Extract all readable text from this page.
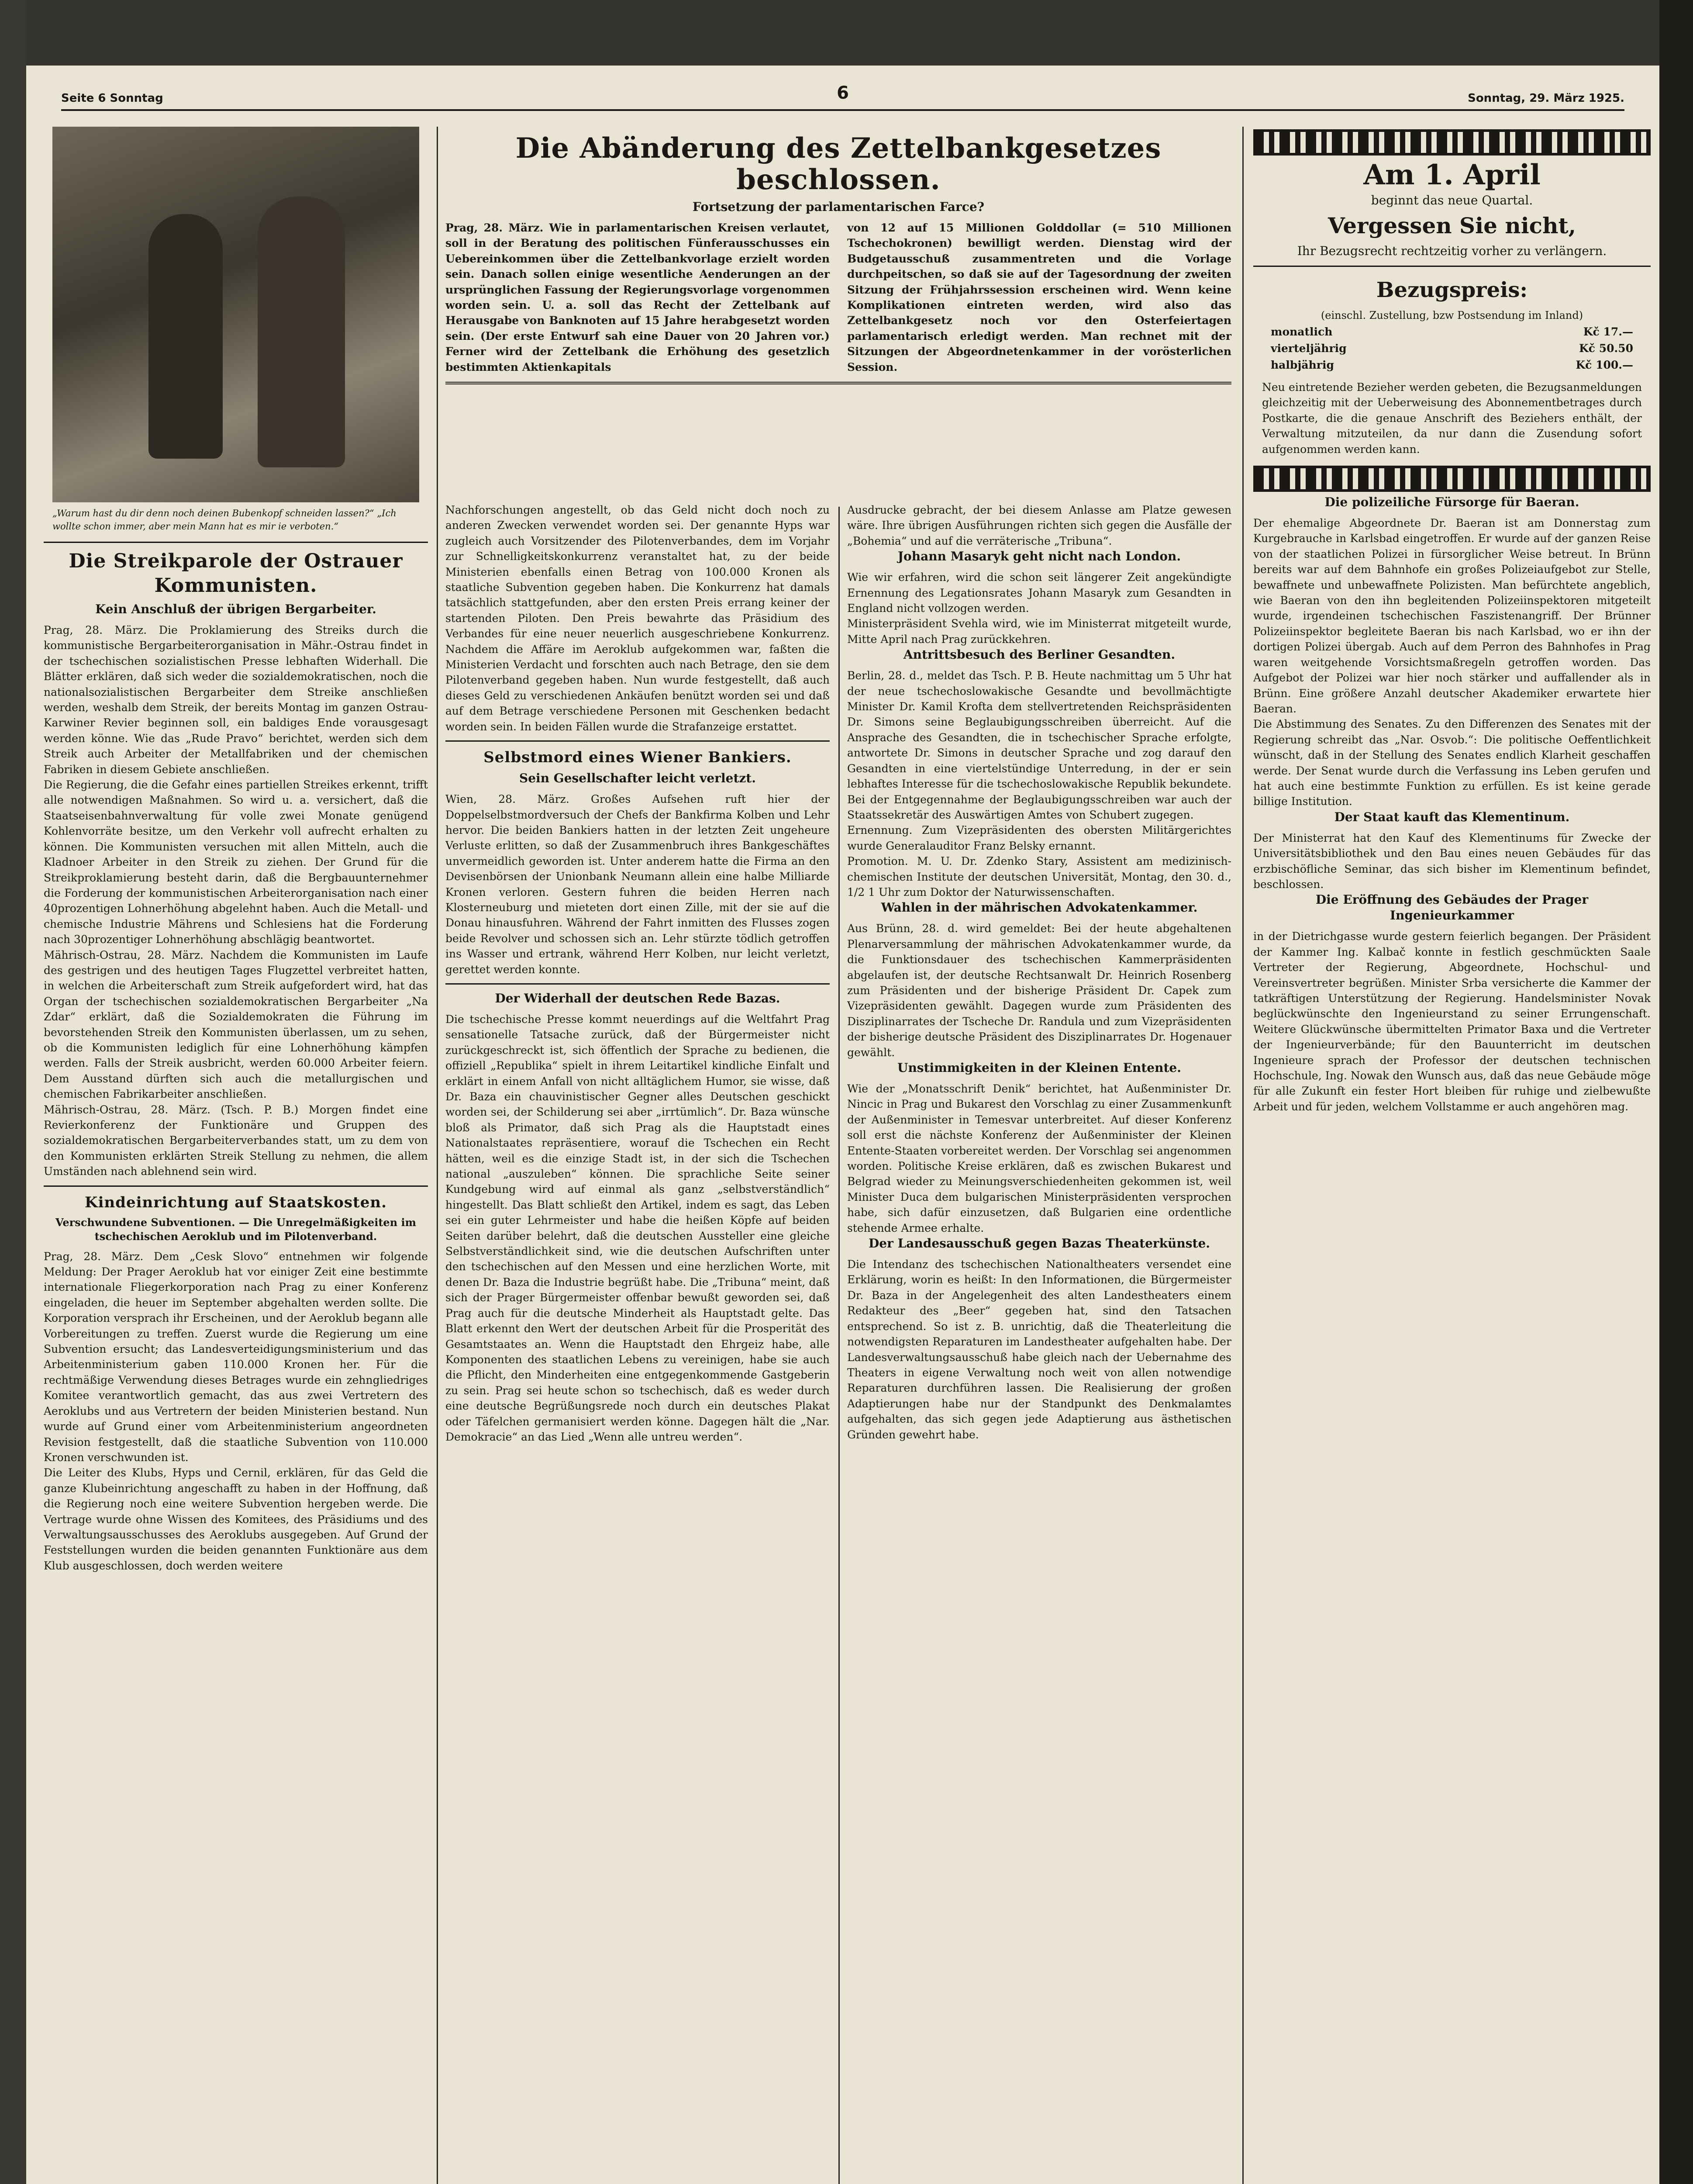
Seite 6 Sonntag	6	Sonntag, 29. März 1925.

„Warum hast du dir denn noch deinen Bubenkopf schneiden lassen?“ „Ich wollte schon immer, aber mein Mann hat es mir ie verboten.“

Die Streikparole der Ostrauer Kommunisten.
Kein Anschluß der übrigen Bergarbeiter.

Prag, 28. März. Die Proklamierung des Streiks durch die kommunistische Bergarbeiterorganisation in Mähr.-Ostrau findet in der tschechischen sozialistischen Presse lebhaften Widerhall. Die Blätter erklären, daß sich weder die sozialdemokratischen, noch die nationalsozialistischen Bergarbeiter dem Streike anschließen werden, weshalb dem Streik, der bereits Montag im ganzen Ostrau-Karwiner Revier beginnen soll, ein baldiges Ende vorausgesagt werden könne. Wie das „Rude Pravo“ berichtet, werden sich dem Streik auch Arbeiter der Metallfabriken und der chemischen Fabriken in diesem Gebiete anschließen.

Die Regierung, die die Gefahr eines partiellen Streikes erkennt, trifft alle notwendigen Maßnahmen. So wird u. a. versichert, daß die Staatseisenbahnverwaltung für volle zwei Monate genügend Kohlenvorräte besitze, um den Verkehr voll aufrecht erhalten zu können. Die Kommunisten versuchen mit allen Mitteln, auch die Kladnoer Arbeiter in den Streik zu ziehen. Der Grund für die Streikproklamierung besteht darin, daß die Bergbauunternehmer die Forderung der kommunistischen Arbeiterorganisation nach einer 40prozentigen Lohnerhöhung abgelehnt haben. Auch die Metall- und chemische Industrie Mährens und Schlesiens hat die Forderung nach 30prozentiger Lohnerhöhung abschlägig beantwortet.

Mährisch-Ostrau, 28. März. Nachdem die Kommunisten im Laufe des gestrigen und des heutigen Tages Flugzettel verbreitet hatten, in welchen die Arbeiterschaft zum Streik aufgefordert wird, hat das Organ der tschechischen sozialdemokratischen Bergarbeiter „Na Zdar“ erklärt, daß die Sozialdemokraten die Führung im bevorstehenden Streik den Kommunisten überlassen, um zu sehen, ob die Kommunisten lediglich für eine Lohnerhöhung kämpfen werden. Falls der Streik ausbricht, werden 60.000 Arbeiter feiern. Dem Ausstand dürften sich auch die metallurgischen und chemischen Fabrikarbeiter anschließen.

Mährisch-Ostrau, 28. März. (Tsch. P. B.) Morgen findet eine Revierkonferenz der Funktionäre und Gruppen des sozialdemokratischen Bergarbeiterverbandes statt, um zu dem von den Kommunisten erklärten Streik Stellung zu nehmen, die allem Umständen nach ablehnend sein wird.

Kindeinrichtung auf Staatskosten.
Verschwundene Subventionen. — Die Unregelmäßigkeiten im tschechischen Aeroklub und im Pilotenverband.

Prag, 28. März. Dem „Cesk Slovo“ entnehmen wir folgende Meldung: Der Prager Aeroklub hat vor einiger Zeit eine bestimmte internationale Fliegerkorporation nach Prag zu einer Konferenz eingeladen, die heuer im September abgehalten werden sollte. Die Korporation versprach ihr Erscheinen, und der Aeroklub begann alle Vorbereitungen zu treffen. Zuerst wurde die Regierung um eine Subvention ersucht; das Landesverteidigungsministerium und das Arbeitenministerium gaben 110.000 Kronen her. Für die rechtmäßige Verwendung dieses Betrages wurde ein zehngliedriges Komitee verantwortlich gemacht, das aus zwei Vertretern des Aeroklubs und aus Vertretern der beiden Ministerien bestand. Nun wurde auf Grund einer vom Arbeitenministerium angeordneten Revision festgestellt, daß die staatliche Subvention von 110.000 Kronen verschwunden ist.

Die Leiter des Klubs, Hyps und Cernil, erklären, für das Geld die ganze Klubeinrichtung angeschafft zu haben in der Hoffnung, daß die Regierung noch eine weitere Subvention hergeben werde. Die Vertrage wurde ohne Wissen des Komitees, des Präsidiums und des Verwaltungsausschusses des Aeroklubs ausgegeben. Auf Grund der Feststellungen wurden die beiden genannten Funktionäre aus dem Klub ausgeschlossen, doch werden weitere

Die Abänderung des Zettelbankgesetzes beschlossen.
Fortsetzung der parlamentarischen Farce?

Prag, 28. März. Wie in parlamentarischen Kreisen verlautet, soll in der Beratung des politischen Fünferausschusses ein Uebereinkommen über die Zettelbankvorlage erzielt worden sein. Danach sollen einige wesentliche Aenderungen an der ursprünglichen Fassung der Regierungsvorlage vorgenommen worden sein. U. a. soll das Recht der Zettelbank auf Herausgabe von Banknoten auf 15 Jahre herabgesetzt worden sein. (Der erste Entwurf sah eine Dauer von 20 Jahren vor.) Ferner wird der Zettelbank die Erhöhung des gesetzlich bestimmten Aktienkapitals

von 12 auf 15 Millionen Golddollar (= 510 Millionen Tschechokronen) bewilligt werden. Dienstag wird der Budgetausschuß zusammentreten und die Vorlage durchpeitschen, so daß sie auf der Tagesordnung der zweiten Sitzung der Frühjahrssession erscheinen wird. Wenn keine Komplikationen eintreten werden, wird also das Zettelbankgesetz noch vor den Osterfeiertagen parlamentarisch erledigt werden. Man rechnet mit der Sitzungen der Abgeordnetenkammer in der vorösterlichen Session.

Nachforschungen angestellt, ob das Geld nicht doch noch zu anderen Zwecken verwendet worden sei. Der genannte Hyps war zugleich auch Vorsitzender des Pilotenverbandes, dem im Vorjahr zur Schnelligkeitskonkurrenz veranstaltet hat, zu der beide Ministerien ebenfalls einen Betrag von 100.000 Kronen als staatliche Subvention gegeben haben. Die Konkurrenz hat damals tatsächlich stattgefunden, aber den ersten Preis errang keiner der startenden Piloten. Den Preis bewahrte das Präsidium des Verbandes für eine neuer neuerlich ausgeschriebene Konkurrenz. Nachdem die Affäre im Aeroklub aufgekommen war, faßten die Ministerien Verdacht und forschten auch nach Betrage, den sie dem Pilotenverband gegeben haben. Nun wurde festgestellt, daß auch dieses Geld zu verschiedenen Ankäufen benützt worden sei und daß auf dem Betrage verschiedene Personen mit Geschenken bedacht worden sein. In beiden Fällen wurde die Strafanzeige erstattet.

Selbstmord eines Wiener Bankiers.
Sein Gesellschafter leicht verletzt.

Wien, 28. März. Großes Aufsehen ruft hier der Doppelselbstmordversuch der Chefs der Bankfirma Kolben und Lehr hervor. Die beiden Bankiers hatten in der letzten Zeit ungeheure Verluste erlitten, so daß der Zusammenbruch ihres Bankgeschäftes unvermeidlich geworden ist. Unter anderem hatte die Firma an den Devisenbörsen der Unionbank Neumann allein eine halbe Milliarde Kronen verloren. Gestern fuhren die beiden Herren nach Klosterneuburg und mieteten dort einen Zille, mit der sie auf die Donau hinausfuhren. Während der Fahrt inmitten des Flusses zogen beide Revolver und schossen sich an. Lehr stürzte tödlich getroffen ins Wasser und ertrank, während Herr Kolben, nur leicht verletzt, gerettet werden konnte.

Der Widerhall der deutschen Rede Bazas.

Die tschechische Presse kommt neuerdings auf die Weltfahrt Prag sensationelle Tatsache zurück, daß der Bürgermeister nicht zurückgeschreckt ist, sich öffentlich der Sprache zu bedienen, die offiziell „Republika“ spielt in ihrem Leitartikel kindliche Einfalt und erklärt in einem Anfall von nicht alltäglichem Humor, sie wisse, daß Dr. Baza ein chauvinistischer Gegner alles Deutschen geschickt worden sei, der Schilderung sei aber „irrtümlich“. Dr. Baza wünsche bloß als Primator, daß sich Prag als die Hauptstadt eines Nationalstaates repräsentiere, worauf die Tschechen ein Recht hätten, weil es die einzige Stadt ist, in der sich die Tschechen national „auszuleben“ können. Die sprachliche Seite seiner Kundgebung wird auf einmal als ganz „selbstverständlich“ hingestellt. Das Blatt schließt den Artikel, indem es sagt, das Leben sei ein guter Lehrmeister und habe die heißen Köpfe auf beiden Seiten darüber belehrt, daß die deutschen Aussteller eine gleiche Selbstverständlichkeit sind, wie die deutschen Aufschriften unter den tschechischen auf den Messen und eine herzlichen Worte, mit denen Dr. Baza die Industrie begrüßt habe. Die „Tribuna“ meint, daß sich der Prager Bürgermeister offenbar bewußt geworden sei, daß Prag auch für die deutsche Minderheit als Hauptstadt gelte. Das Blatt erkennt den Wert der deutschen Arbeit für die Prosperität des Gesamtstaates an. Wenn die Hauptstadt den Ehrgeiz habe, alle Komponenten des staatlichen Lebens zu vereinigen, habe sie auch die Pflicht, den Minderheiten eine entgegenkommende Gastgeberin zu sein. Prag sei heute schon so tschechisch, daß es weder durch eine deutsche Begrüßungsrede noch durch ein deutsches Plakat oder Täfelchen germanisiert werden könne. Dagegen hält die „Nar. Demokracie“ an das Lied „Wenn alle untreu werden“.

Ausdrucke gebracht, der bei diesem Anlasse am Platze gewesen wäre. Ihre übrigen Ausführungen richten sich gegen die Ausfälle der „Bohemia“ und auf die verräterische „Tribuna“.

Johann Masaryk geht nicht nach London.

Wie wir erfahren, wird die schon seit längerer Zeit angekündigte Ernennung des Legationsrates Johann Masaryk zum Gesandten in England nicht vollzogen werden.

Ministerpräsident Svehla wird, wie im Ministerrat mitgeteilt wurde, Mitte April nach Prag zurückkehren.

Antrittsbesuch des Berliner Gesandten.

Berlin, 28. d., meldet das Tsch. P. B. Heute nachmittag um 5 Uhr hat der neue tschechoslowakische Gesandte und bevollmächtigte Minister Dr. Kamil Krofta dem stellvertretenden Reichspräsidenten Dr. Simons seine Beglaubigungsschreiben überreicht. Auf die Ansprache des Gesandten, die in tschechischer Sprache erfolgte, antwortete Dr. Simons in deutscher Sprache und zog darauf den Gesandten in eine viertelstündige Unterredung, in der er sein lebhaftes Interesse für die tschechoslowakische Republik bekundete. Bei der Entgegennahme der Beglaubigungsschreiben war auch der Staatssekretär des Auswärtigen Amtes von Schubert zugegen.

Ernennung. Zum Vizepräsidenten des obersten Militärgerichtes wurde Generalauditor Franz Belsky ernannt.

Promotion. M. U. Dr. Zdenko Stary, Assistent am medizinisch-chemischen Institute der deutschen Universität, Montag, den 30. d., 1/2 1 Uhr zum Doktor der Naturwissenschaften.

Wahlen in der mährischen Advokatenkammer.

Aus Brünn, 28. d. wird gemeldet: Bei der heute abgehaltenen Plenarversammlung der mährischen Advokatenkammer wurde, da die Funktionsdauer des tschechischen Kammerpräsidenten abgelaufen ist, der deutsche Rechtsanwalt Dr. Heinrich Rosenberg zum Präsidenten und der bisherige Präsident Dr. Capek zum Vizepräsidenten gewählt. Dagegen wurde zum Präsidenten des Disziplinarrates der Tscheche Dr. Randula und zum Vizepräsidenten der bisherige deutsche Präsident des Disziplinarrates Dr. Hogenauer gewählt.

Unstimmigkeiten in der Kleinen Entente.

Wie der „Monatsschrift Denik“ berichtet, hat Außenminister Dr. Nincic in Prag und Bukarest den Vorschlag zu einer Zusammenkunft der Außenminister in Temesvar unterbreitet. Auf dieser Konferenz soll erst die nächste Konferenz der Außenminister der Kleinen Entente-Staaten vorbereitet werden. Der Vorschlag sei angenommen worden. Politische Kreise erklären, daß es zwischen Bukarest und Belgrad wieder zu Meinungsverschiedenheiten gekommen ist, weil Minister Duca dem bulgarischen Ministerpräsidenten versprochen habe, sich dafür einzusetzen, daß Bulgarien eine ordentliche stehende Armee erhalte.

Der Landesausschuß gegen Bazas Theaterkünste.

Die Intendanz des tschechischen Nationaltheaters versendet eine Erklärung, worin es heißt: In den Informationen, die Bürgermeister Dr. Baza in der Angelegenheit des alten Landestheaters einem Redakteur des „Beer“ gegeben hat, sind den Tatsachen entsprechend. So ist z. B. unrichtig, daß die Theaterleitung die notwendigsten Reparaturen im Landestheater aufgehalten habe. Der Landesverwaltungsausschuß habe gleich nach der Uebernahme des Theaters in eigene Verwaltung noch weit von allen notwendige Reparaturen durchführen lassen. Die Realisierung der großen Adaptierungen habe nur der Standpunkt des Denkmalamtes aufgehalten, das sich gegen jede Adaptierung aus ästhetischen Gründen gewehrt habe.

Am 1. April
beginnt das neue Quartal.
Vergessen Sie nicht,
Ihr Bezugsrecht rechtzeitig vorher zu verlängern.
Bezugspreis:
(einschl. Zustellung, bzw Postsendung im Inland)
monatlich	Kč 17.—
vierteljährig	Kč 50.50
halbjährig	Kč 100.—

Neu eintretende Bezieher werden gebeten, die Bezugsanmeldungen gleichzeitig mit der Ueberweisung des Abonnementbetrages durch Postkarte, die die genaue Anschrift des Beziehers enthält, der Verwaltung mitzuteilen, da nur dann die Zusendung sofort aufgenommen werden kann.

Die polizeiliche Fürsorge für Baeran.

Der ehemalige Abgeordnete Dr. Baeran ist am Donnerstag zum Kurgebrauche in Karlsbad eingetroffen. Er wurde auf der ganzen Reise von der staatlichen Polizei in fürsorglicher Weise betreut. In Brünn bereits war auf dem Bahnhofe ein großes Polizeiaufgebot zur Stelle, bewaffnete und unbewaffnete Polizisten. Man befürchtete angeblich, wie Baeran von den ihn begleitenden Polizeiinspektoren mitgeteilt wurde, irgendeinen tschechischen Faszistenangriff. Der Brünner Polizeiinspektor begleitete Baeran bis nach Karlsbad, wo er ihn der dortigen Polizei übergab. Auch auf dem Perron des Bahnhofes in Prag waren weitgehende Vorsichtsmaßregeln getroffen worden. Das Aufgebot der Polizei war hier noch stärker und auffallender als in Brünn. Eine größere Anzahl deutscher Akademiker erwartete hier Baeran.

Die Abstimmung des Senates. Zu den Differenzen des Senates mit der Regierung schreibt das „Nar. Osvob.“: Die politische Oeffentlichkeit wünscht, daß in der Stellung des Senates endlich Klarheit geschaffen werde. Der Senat wurde durch die Verfassung ins Leben gerufen und hat auch eine bestimmte Funktion zu erfüllen. Es ist keine gerade billige Institution.

Der Staat kauft das Klementinum.

Der Ministerrat hat den Kauf des Klementinums für Zwecke der Universitätsbibliothek und den Bau eines neuen Gebäudes für das erzbischöfliche Seminar, das sich bisher im Klementinum befindet, beschlossen.

Die Eröffnung des Gebäudes der Prager Ingenieurkammer

in der Dietrichgasse wurde gestern feierlich begangen. Der Präsident der Kammer Ing. Kalbač konnte in festlich geschmückten Saale Vertreter der Regierung, Abgeordnete, Hochschul- und Vereinsvertreter begrüßen. Minister Srba versicherte die Kammer der tatkräftigen Unterstützung der Regierung. Handelsminister Novak beglückwünschte den Ingenieurstand zu seiner Errungenschaft. Weitere Glückwünsche übermittelten Primator Baxa und die Vertreter der Ingenieurverbände; für den Bauunterricht im deutschen Ingenieure sprach der Professor der deutschen technischen Hochschule, Ing. Nowak den Wunsch aus, daß das neue Gebäude möge für alle Zukunft ein fester Hort bleiben für ruhige und zielbewußte Arbeit und für jeden, welchem Vollstamme er auch angehören mag.
